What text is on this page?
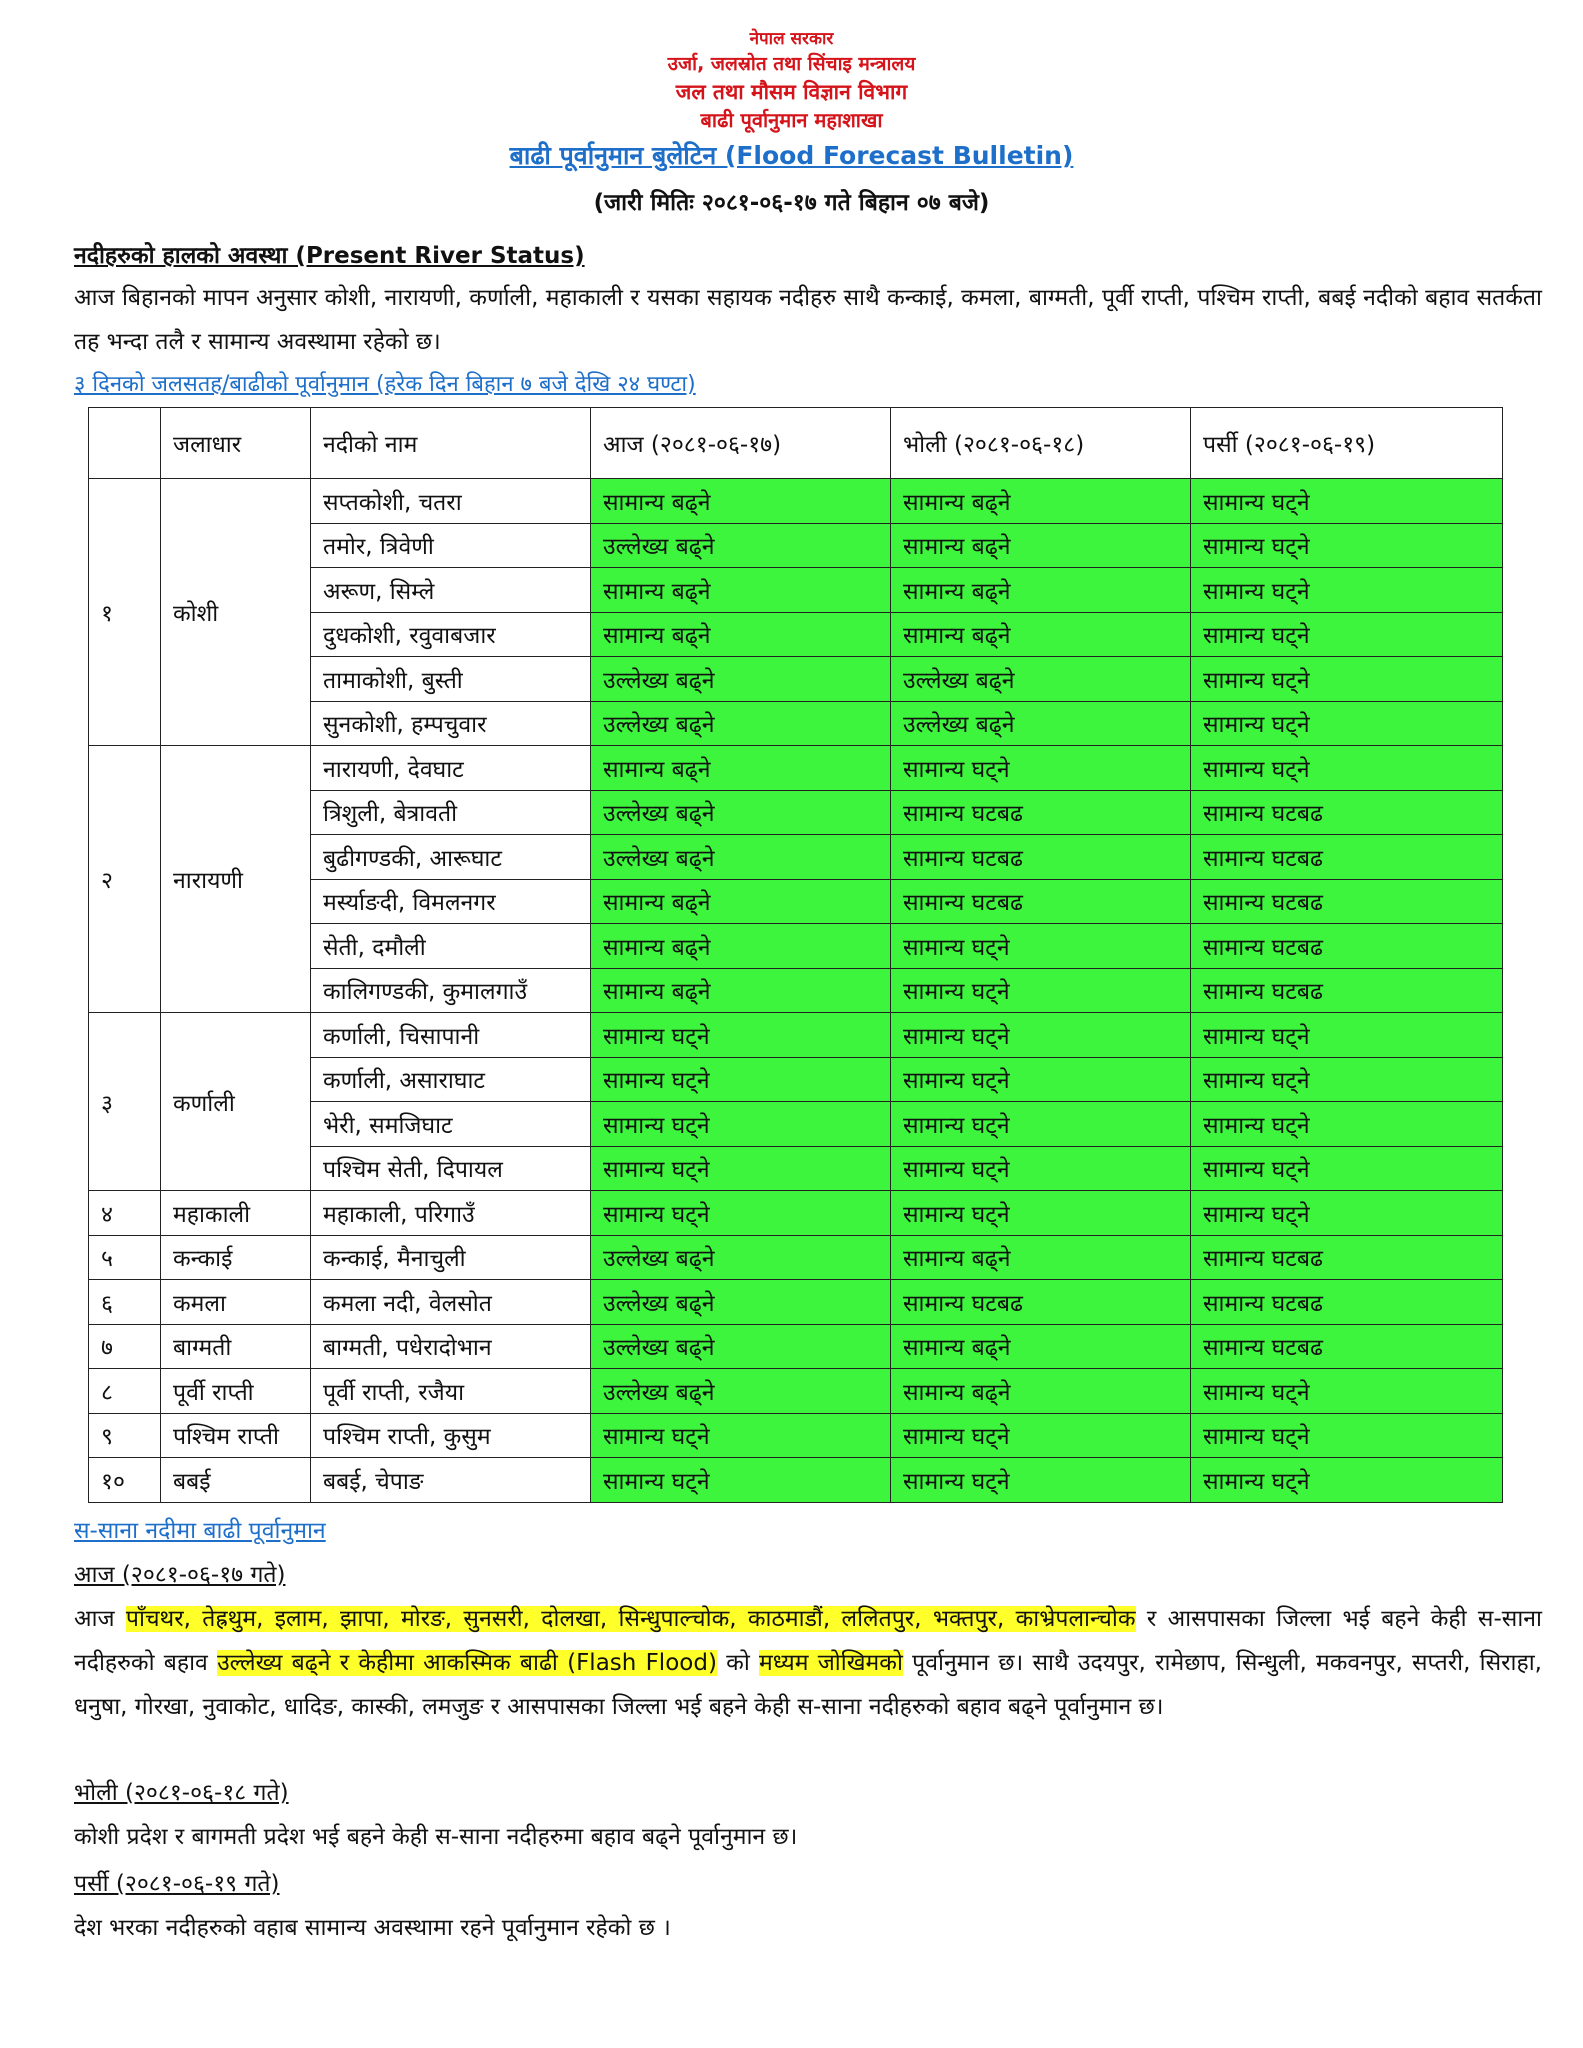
नेपाल सरकार
उर्जा, जलस्रोत तथा सिंचाइ मन्त्रालय
जल तथा मौसम विज्ञान विभाग
बाढी पूर्वानुमान महाशाखा
बाढी पूर्वानुमान बुलेटिन (Flood Forecast Bulletin)
(जारी मितिः २०८१-०६-१७ गते बिहान ०७ बजे)
नदीहरुको हालको अवस्था (Present River Status)
आज बिहानको मापन अनुसार कोशी, नारायणी, कर्णाली, महाकाली र यसका सहायक नदीहरु साथै कन्काई, कमला, बाग्मती, पूर्वी राप्ती, पश्चिम राप्ती, बबई नदीको बहाव सतर्कता तह भन्दा तलै र सामान्य अवस्थामा रहेको छ।
३ दिनको जलसतह/बाढीको पूर्वानुमान (हरेक दिन बिहान ७ बजे देखि २४ घण्टा)
	जलाधार	नदीको नाम	आज (२०८१-०६-१७)	भोली (२०८१-०६-१८)	पर्सी (२०८१-०६-१९)
१	कोशी	सप्तकोशी, चतरा	सामान्य बढ्ने	सामान्य बढ्ने	सामान्य घट्ने
		तमोर, त्रिवेणी	उल्लेख्य बढ्ने	सामान्य बढ्ने	सामान्य घट्ने
		अरूण, सिम्ले	सामान्य बढ्ने	सामान्य बढ्ने	सामान्य घट्ने
		दुधकोशी, रवुवाबजार	सामान्य बढ्ने	सामान्य बढ्ने	सामान्य घट्ने
		तामाकोशी, बुस्ती	उल्लेख्य बढ्ने	उल्लेख्य बढ्ने	सामान्य घट्ने
		सुनकोशी, हम्पचुवार	उल्लेख्य बढ्ने	उल्लेख्य बढ्ने	सामान्य घट्ने
२	नारायणी	नारायणी, देवघाट	सामान्य बढ्ने	सामान्य घट्ने	सामान्य घट्ने
		त्रिशुली, बेत्रावती	उल्लेख्य बढ्ने	सामान्य घटबढ	सामान्य घटबढ
		बुढीगण्डकी, आरूघाट	उल्लेख्य बढ्ने	सामान्य घटबढ	सामान्य घटबढ
		मर्स्याङदी, विमलनगर	सामान्य बढ्ने	सामान्य घटबढ	सामान्य घटबढ
		सेती, दमौली	सामान्य बढ्ने	सामान्य घट्ने	सामान्य घटबढ
		कालिगण्डकी, कुमालगाउँ	सामान्य बढ्ने	सामान्य घट्ने	सामान्य घटबढ
३	कर्णाली	कर्णाली, चिसापानी	सामान्य घट्ने	सामान्य घट्ने	सामान्य घट्ने
		कर्णाली, असाराघाट	सामान्य घट्ने	सामान्य घट्ने	सामान्य घट्ने
		भेरी, समजिघाट	सामान्य घट्ने	सामान्य घट्ने	सामान्य घट्ने
		पश्चिम सेती, दिपायल	सामान्य घट्ने	सामान्य घट्ने	सामान्य घट्ने
४	महाकाली	महाकाली, परिगाउँ	सामान्य घट्ने	सामान्य घट्ने	सामान्य घट्ने
५	कन्काई	कन्काई, मैनाचुली	उल्लेख्य बढ्ने	सामान्य बढ्ने	सामान्य घटबढ
६	कमला	कमला नदी, वेलसोत	उल्लेख्य बढ्ने	सामान्य घटबढ	सामान्य घटबढ
७	बाग्मती	बाग्मती, पधेरादोभान	उल्लेख्य बढ्ने	सामान्य बढ्ने	सामान्य घटबढ
८	पूर्वी राप्ती	पूर्वी राप्ती, रजैया	उल्लेख्य बढ्ने	सामान्य बढ्ने	सामान्य घट्ने
९	पश्चिम राप्ती	पश्चिम राप्ती, कुसुम	सामान्य घट्ने	सामान्य घट्ने	सामान्य घट्ने
१०	बबई	बबई, चेपाङ	सामान्य घट्ने	सामान्य घट्ने	सामान्य घट्ने
स-साना नदीमा बाढी पूर्वानुमान
आज (२०८१-०६-१७ गते)
आज पाँचथर, तेह्रथुम, इलाम, झापा, मोरङ, सुनसरी, दोलखा, सिन्धुपाल्चोक, काठमाडौं, ललितपुर, भक्तपुर, काभ्रेपलान्चोक र आसपासका जिल्ला भई बहने केही स-साना नदीहरुको बहाव उल्लेख्य बढ्ने र केहीमा आकस्मिक बाढी (Flash Flood) को मध्यम जोखिमको पूर्वानुमान छ। साथै उदयपुर, रामेछाप, सिन्धुली, मकवनपुर, सप्तरी, सिराहा, धनुषा, गोरखा, नुवाकोट, धादिङ, कास्की, लमजुङ र आसपासका जिल्ला भई बहने केही स-साना नदीहरुको बहाव बढ्ने पूर्वानुमान छ।
भोली (२०८१-०६-१८ गते)
कोशी प्रदेश र बागमती प्रदेश भई बहने केही स-साना नदीहरुमा बहाव बढ्ने पूर्वानुमान छ।
पर्सी (२०८१-०६-१९ गते)
देश भरका नदीहरुको वहाब सामान्य अवस्थामा रहने पूर्वानुमान रहेको छ ।
